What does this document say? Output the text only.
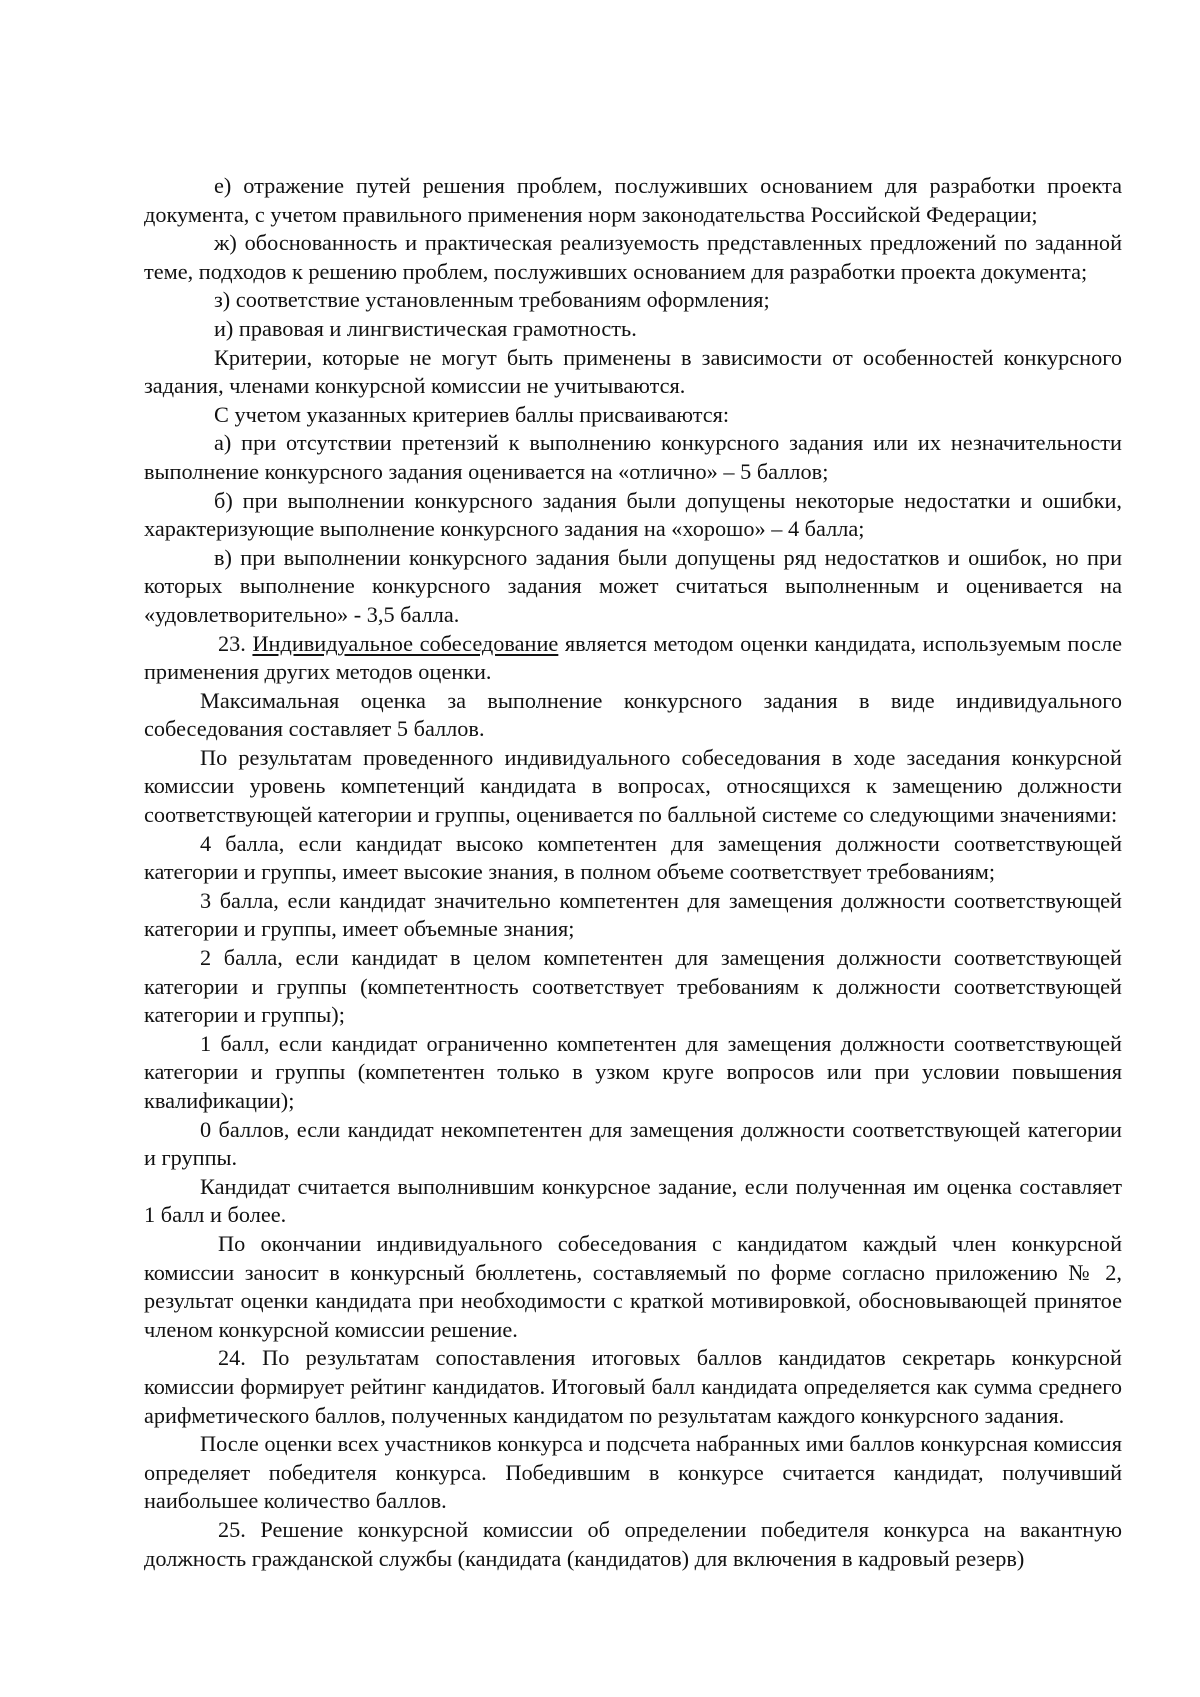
е) отражение путей решения проблем, послуживших основанием для разработки проекта документа, с учетом правильного применения норм законодательства Российской Федерации;

ж) обоснованность и практическая реализуемость представленных предложений по заданной теме, подходов к решению проблем, послуживших основанием для разработки проекта документа;

з) соответствие установленным требованиям оформления;

и) правовая и лингвистическая грамотность.

Критерии, которые не могут быть применены в зависимости от особенностей конкурсного задания, членами конкурсной комиссии не учитываются.

С учетом указанных критериев баллы присваиваются:

а) при отсутствии претензий к выполнению конкурсного задания или их незначительности выполнение конкурсного задания оценивается на «отлично» – 5 баллов;

б) при выполнении конкурсного задания были допущены некоторые недостатки и ошибки, характеризующие выполнение конкурсного задания на «хорошо» – 4 балла;

в) при выполнении конкурсного задания были допущены ряд недостатков и ошибок, но при которых выполнение конкурсного задания может считаться выполненным и оценивается на «удовлетворительно» - 3,5 балла.

23. Индивидуальное собеседование является методом оценки кандидата, используемым после применения других методов оценки.

Максимальная оценка за выполнение конкурсного задания в виде индивидуального собеседования составляет 5 баллов.

По результатам проведенного индивидуального собеседования в ходе заседания конкурсной комиссии уровень компетенций кандидата в вопросах, относящихся к замещению должности соответствующей категории и группы, оценивается по балльной системе со следующими значениями:

4 балла, если кандидат высоко компетентен для замещения должности соответствующей категории и группы, имеет высокие знания, в полном объеме соответствует требованиям;

3 балла, если кандидат значительно компетентен для замещения должности соответствующей категории и группы, имеет объемные знания;

2 балла, если кандидат в целом компетентен для замещения должности соответствующей категории и группы (компетентность соответствует требованиям к должности соответствующей категории и группы);

1 балл, если кандидат ограниченно компетентен для замещения должности соответствующей категории и группы (компетентен только в узком круге вопросов или при условии повышения квалификации);

0 баллов, если кандидат некомпетентен для замещения должности соответствующей категории и группы.

Кандидат считается выполнившим конкурсное задание, если полученная им оценка составляет 1 балл и более.

По окончании индивидуального собеседования с кандидатом каждый член конкурсной комиссии заносит в конкурсный бюллетень, составляемый по форме согласно приложению № 2, результат оценки кандидата при необходимости с краткой мотивировкой, обосновывающей принятое членом конкурсной комиссии решение.

24. По результатам сопоставления итоговых баллов кандидатов секретарь конкурсной комиссии формирует рейтинг кандидатов. Итоговый балл кандидата определяется как сумма среднего арифметического баллов, полученных кандидатом по результатам каждого конкурсного задания.

После оценки всех участников конкурса и подсчета набранных ими баллов конкурсная комиссия определяет победителя конкурса. Победившим в конкурсе считается кандидат, получивший наибольшее количество баллов.

25. Решение конкурсной комиссии об определении победителя конкурса на вакантную должность гражданской службы (кандидата (кандидатов) для включения в кадровый резерв)
